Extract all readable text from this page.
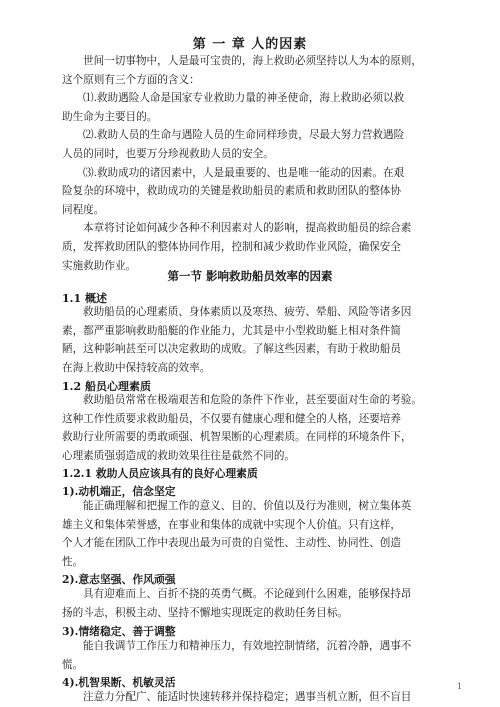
第 一 章 人的因素
世间一切事物中，人是最可宝贵的，海上救助必须坚持以人为本的原则，
这个原则有三个方面的含义：
⑴.救助遇险人命是国家专业救助力量的神圣使命，海上救助必须以救
助生命为主要目的。
⑵.救助人员的生命与遇险人员的生命同样珍贵，尽最大努力营救遇险
人员的同时，也要万分珍视救助人员的安全。
⑶.救助成功的诸因素中，人是最重要的、也是唯一能动的因素。在艰
险复杂的环境中，救助成功的关键是救助船员的素质和救助团队的整体协
同程度。
本章将讨论如何减少各种不利因素对人的影响，提高救助船员的综合素
质，发挥救助团队的整体协同作用，控制和减少救助作业风险，确保安全
实施救助作业。
第一节 影响救助船员效率的因素
1.1 概述
救助船员的心理素质、身体素质以及寒热、疲劳、晕船、风险等诸多因
素，都严重影响救助船艇的作业能力，尤其是中小型救助艇上相对条件简
陋，这种影响甚至可以决定救助的成败。了解这些因素，有助于救助船员
在海上救助中保持较高的效率。
1.2 船员心理素质
救助船员常常在极端艰苦和危险的条件下作业，甚至要面对生命的考验。
这种工作性质要求救助船员，不仅要有健康心理和健全的人格，还要培养
救助行业所需要的勇敢顽强、机智果断的心理素质。在同样的环境条件下，
心理素质强弱造成的救助效果往往是截然不同的。
1.2.1 救助人员应该具有的良好心理素质
1).动机端正，信念坚定
能正确理解和把握工作的意义、目的、价值以及行为准则，树立集体英
雄主义和集体荣誉感，在事业和集体的成就中实现个人价值。只有这样，
个人才能在团队工作中表现出最为可贵的自觉性、主动性、协同性、创造
性。
2).意志坚强、作风顽强
具有迎难而上、百折不挠的英勇气概。不论碰到什么困难，能够保持昂
扬的斗志，积极主动、坚持不懈地实现既定的救助任务目标。
3).情绪稳定、善于调整
能自我调节工作压力和精神压力，有效地控制情绪，沉着冷静，遇事不
慌。
4).机智果断、机敏灵活
注意力分配广、能适时快速转移并保持稳定；遇事当机立断，但不盲目
1
